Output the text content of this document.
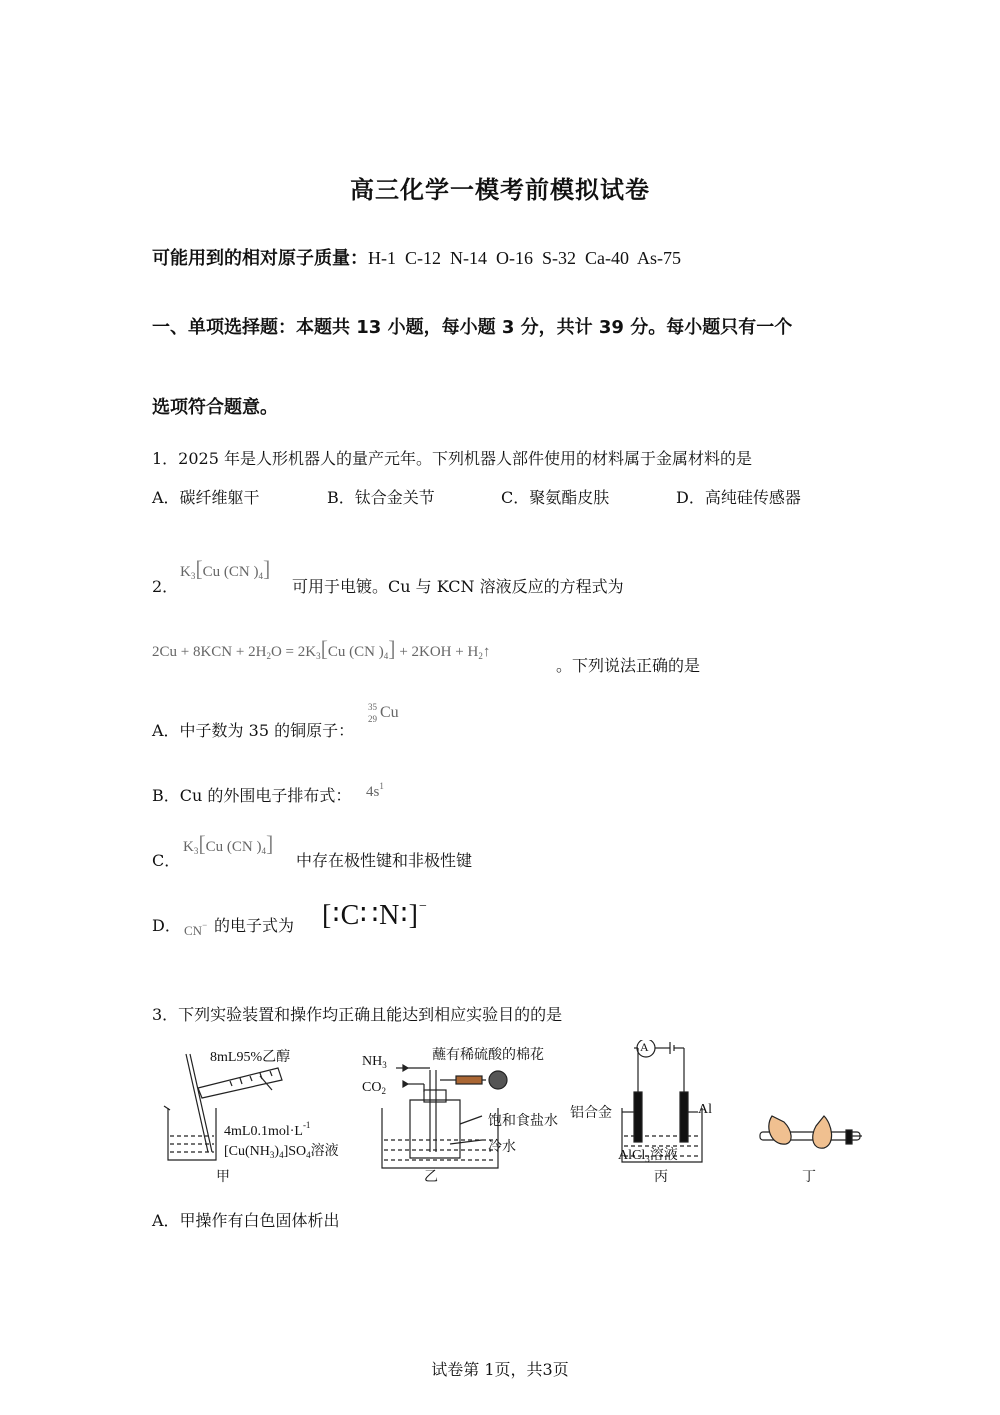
高三化学一模考前模拟试卷
可能用到的相对原子质量：H-1  C-12  N-14  O-16  S-32  Ca-40  As-75
一、单项选择题：本题共 13 小题，每小题 3 分，共计 39 分。每小题只有一个
选项符合题意。
1．2025 年是人形机器人的量产元年。下列机器人部件使用的材料属于金属材料的是
A．碳纤维躯干	B．钛合金关节	C．聚氨酯皮肤	D．高纯硅传感器
2．
$K_3[Cu$ (CN )$_4$]
可用于电镀。Cu 与 KCN 溶液反应的方程式为
$2Cu + 8KCN + 2H_2O = 2K_3[Cu$ (CN )$_4] + 2KOH$ + $H_2↑$
。下列说法正确的是
A．中子数为 35 的铜原子：
35
29 Cu
B．Cu 的外围电子排布式： $4s^1$
C．
$K_3[Cu$ (CN )$_4$]
中存在极性键和非极性键
D． CN− 的电子式为 [∶C∷N∶]−
3．下列实验装置和操作均正确且能达到相应实验目的的是
8mL95%乙醇
$4mL0.1mol\cdot L^{-1}$
$[Cu(NH_3)_4]SO_4$溶液
甲
$NH_3$
$CO_2$
蘸有稀硫酸的棉花
饱和食盐水
冷水
乙
A
铝合金	Al
AlCl$_3$溶液
丙	丁
A．甲操作有白色固体析出
试卷第 1页，共3页
